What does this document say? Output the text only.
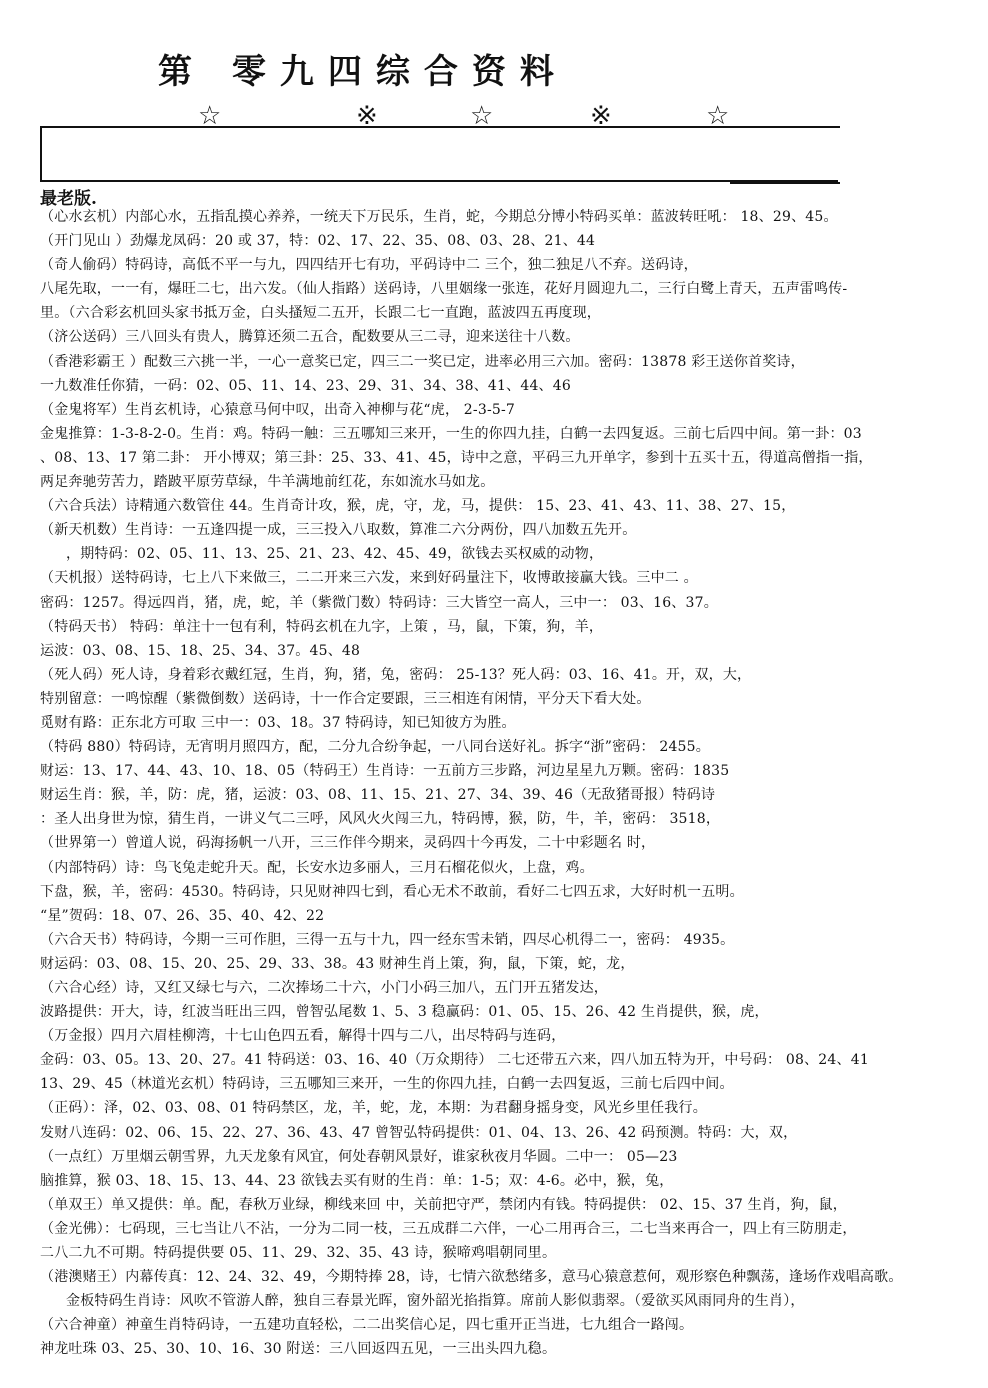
第 零九四综合资料
☆	※	☆	※	☆
最老版.
（心水玄机）内部心水，五指乱摸心养养，一统天下万民乐，生肖，蛇，今期总分博小特码买单：蓝波转旺吼： 18、29、45。
（开门见山 ）劲爆龙凤码：20 或 37，特：02、17、22、35、08、03、28、21、44
（奇人偷码）特码诗，高低不平一与九，四四结开七有功，平码诗中二 三个，独二独足八不弃。送码诗，
八尾先取，一一有，爆旺二七，出六发。（仙人指路）送码诗，八里姻缘一张连，花好月圆迎九二，三行白鹭上青天，五声雷鸣传-
里。（六合彩玄机回头家书抵万金，白头搔短二五开，长跟二七一直跑，蓝波四五再度现，
（济公送码）三八回头有贵人，腾算还须二五合，配数要从三二寻，迎来送往十八数。
（香港彩霸王 ）配数三六挑一半，一心一意奖已定，四三二一奖已定，进率必用三六加。密码：13878 彩王送你首奖诗，
一九数准任你猜，一码：02、05、11、14、23、29、31、34、38、41、44、46
（金鬼将军）生肖玄机诗，心猿意马何中叹，出奇入神柳与花“虎， 2-3-5-7
金鬼推算：1-3-8-2-0。生肖：鸡。特码一触：三五哪知三来开，一生的你四九挂，白鹤一去四复返。三前七后四中间。第一卦：03
、08、13、17 第二卦： 开小博双；第三卦：25、33、41、45，诗中之意，平码三九开单字，参到十五买十五，得道高僧指一指，
两足奔驰劳苦力，踏跛平原劳草绿，牛羊满地前红花，东如流水马如龙。
（六合兵法）诗精通六数管住 44。生肖奇计攻，猴，虎，守，龙，马，提供： 15、23、41、43、11、38、27、15，
（新天机数）生肖诗：一五逢四提一成，三三投入八取数，算准二六分两份，四八加数五先开。
，期特码：02、05、11、13、25、21、23、42、45、49，欲钱去买权威的动物，
（天机报）送特码诗，七上八下来做三，二二开来三六发，来到好码量注下，收博敢接赢大钱。三中二 。
密码：1257。得远四肖，猪，虎，蛇，羊（紫微门数）特码诗：三大皆空一高人，三中一： 03、16、37。
（特码天书） 特码：单注十一包有利，特码玄机在九字，上策 ，马，鼠，下策，狗，羊，
运波：03、08、15、18、25、34、37。45、48
（死人码）死人诗，身着彩衣戴红冠，生肖，狗，猪，兔，密码： 25-13？死人码：03、16、41。开，双，大，
特别留意：一鸣惊醒（紫微倒数）送码诗，十一作合定要跟，三三相连有闲情，平分天下看大处。
觅财有路：正东北方可取 三中一：03、18。37 特码诗，知已知彼方为胜。
（特码 880）特码诗，无宵明月照四方，配，二分九合纷争起，一八同台送好礼。拆字“浙”密码： 2455。
财运：13、17、44、43、10、18、05（特码王）生肖诗：一五前方三步路，河边星星九万颗。密码：1835
财运生肖：猴，羊，防：虎，猪，运波：03、08、11、15、21、27、34、39、46（无敌猪哥报）特码诗
：圣人出身世为惊，猜生肖，一讲义气二三呼，风风火火闯三九，特码博，猴，防，牛，羊，密码： 3518，
（世界第一）曾道人说，码海扬帆一八开，三三作伴今期来，灵码四十今再发，二十中彩题名 时，
（内部特码）诗：鸟飞兔走蛇升天。配，长安水边多丽人，三月石榴花似火，上盘，鸡。
下盘，猴，羊，密码：4530。特码诗，只见财神四七到，看心无术不敢前，看好二七四五求，大好时机一五明。
“星”贺码：18、07、26、35、40、42、22
（六合天书）特码诗，今期一三可作胆，三得一五与十九，四一经东雪未销，四尽心机得二一，密码： 4935。
财运码：03、08、15、20、25、29、33、38。43 财神生肖上策，狗，鼠，下策，蛇，龙，
（六合心经）诗，又红又绿七与六，二次捧场二十六，小门小码三加八，五门开五猪发达，
波路提供：开大，诗，红波当旺出三四，曾智弘尾数 1、5、3 稳赢码：01、05、15、26、42 生肖提供，猴，虎，
（万金报）四月六眉桂柳湾，十七山色四五看，解得十四与二八，出尽特码与连码，
金码：03、05。13、20、27。41 特码送：03、16、40（万众期待） 二七还带五六来，四八加五特为开，中号码： 08、24、41
13、29、45（林道光玄机）特码诗，三五哪知三来开，一生的你四九挂，白鹤一去四复返，三前七后四中间。
（正码）：泽，02、03、08、01 特码禁区，龙，羊，蛇，龙，本期：为君翻身摇身变，风光乡里任我行。
发财八连码：02、06、15、22、27、36、43、47 曾智弘特码提供：01、04、13、26、42 码预测。特码：大，双，
（一点红）万里烟云朝雪界，九天龙象有风宜，何处春朝风景好，谁家秋夜月华圆。二中一： 05—23
脑推算，猴 03、18、15、13、44、23 欲钱去买有财的生肖：单：1-5；双：4-6。必中，猴，兔，
（单双王）单又提供：单。配，春秋万业绿，柳线来回 中，关前把守严，禁闭内有钱。特码提供： 02、15、37 生肖，狗，鼠，
（金光佛）：七码现，三七当让八不沾，一分为二同一枝，三五成群二六伴，一心二用再合三，二七当来再合一，四上有三防朋走，
二八二九不可期。特码提供要 05、11、29、32、35、43 诗，猴啼鸡唱朝同里。
（港澳赌王）内幕传真：12、24、32、49，今期特捧 28，诗，七情六欲愁绪多，意马心猿意惹何，观形察色种飘荡，逢场作戏唱高歌。
金板特码生肖诗：风吹不管游人醉，独自三春景光晖，窗外韶光掐指算。席前人影似翡翠。（爱欲买风雨同舟的生肖），
（六合神童）神童生肖特码诗，一五建功直轻松，二二出奖信心足，四七重开正当进，七九组合一路闯。
神龙吐珠 03、25、30、10、16、30 附送：三八回返四五见，一三出头四九稳。
